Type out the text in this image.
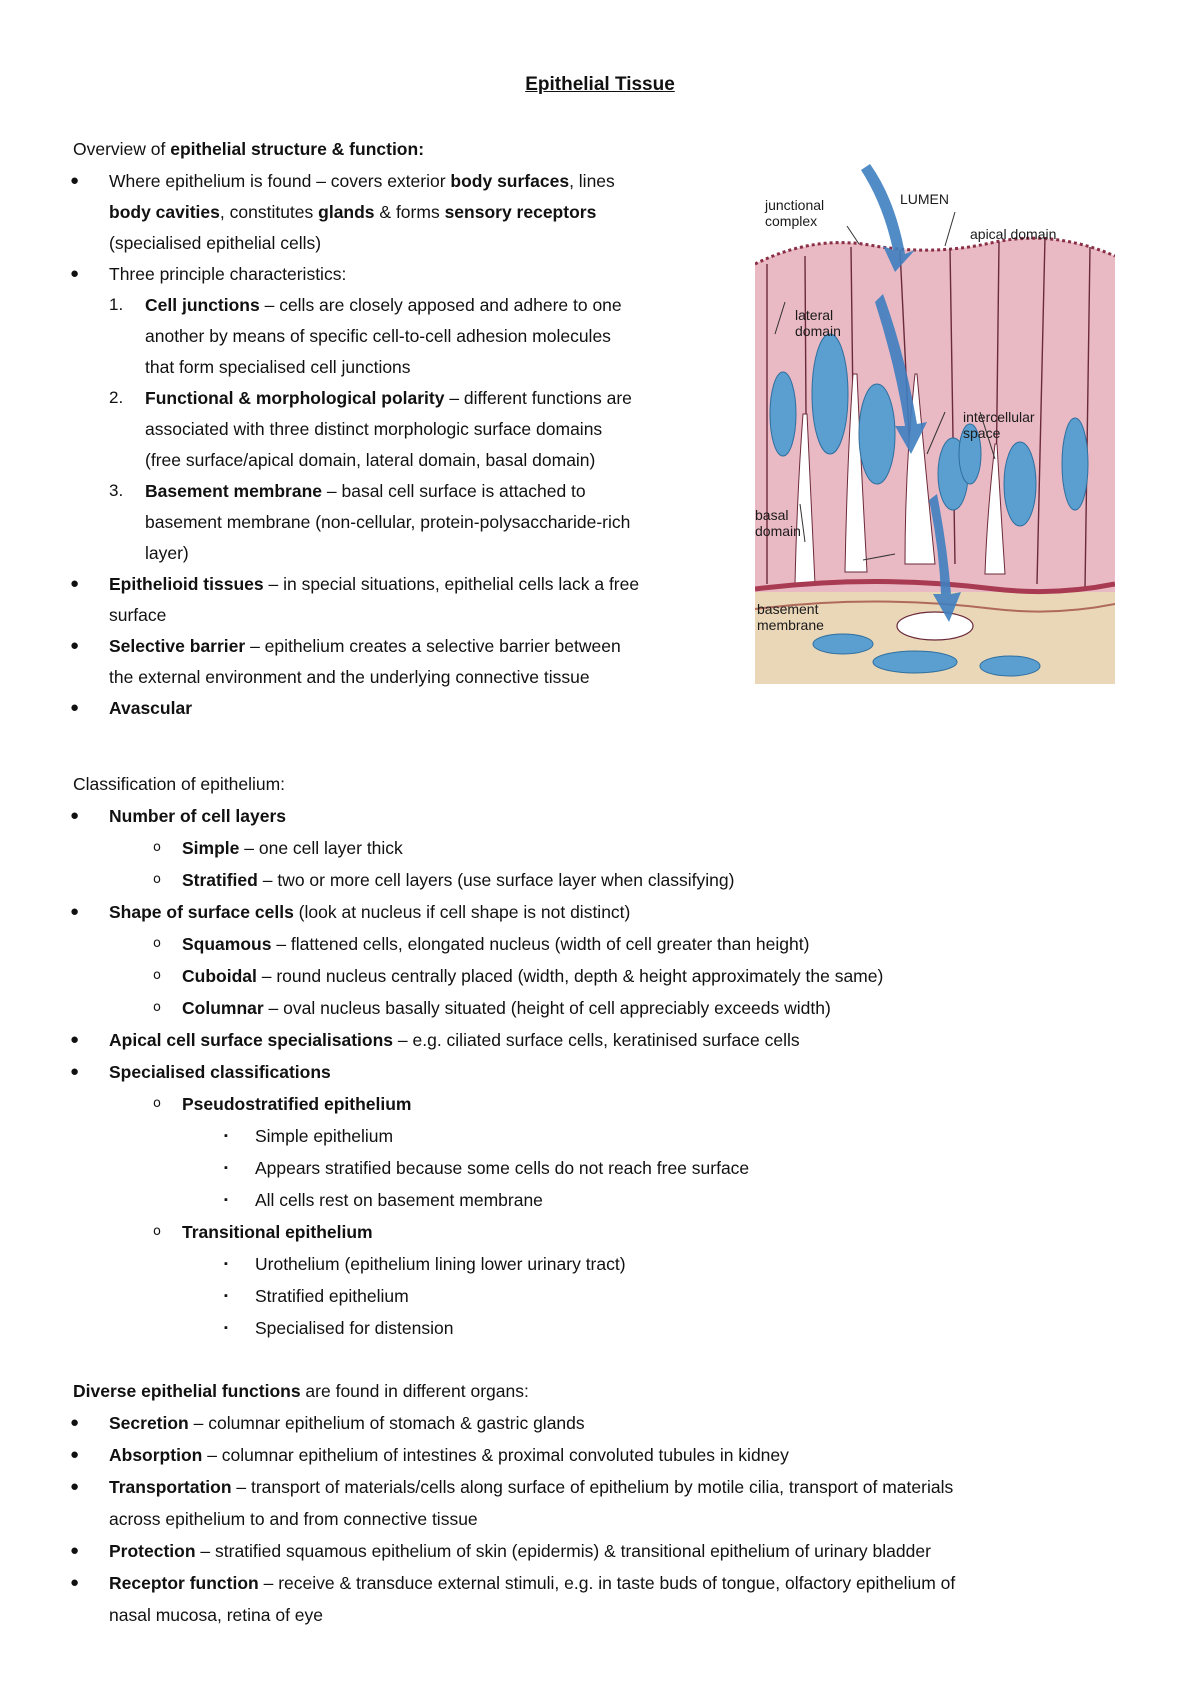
Epithelial Tissue
Overview of epithelial structure & function:
● Where epithelium is found – covers exterior body surfaces, lines
body cavities, constitutes glands & forms sensory receptors
(specialised epithelial cells)
● Three principle characteristics:
1. Cell junctions – cells are closely apposed and adhere to one
another by means of specific cell-to-cell adhesion molecules
that form specialised cell junctions
2. Functional & morphological polarity – different functions are
associated with three distinct morphologic surface domains
(free surface/apical domain, lateral domain, basal domain)
3. Basement membrane – basal cell surface is attached to
basement membrane (non-cellular, protein-polysaccharide-rich
layer)
● Epithelioid tissues – in special situations, epithelial cells lack a free
surface
● Selective barrier – epithelium creates a selective barrier between
the external environment and the underlying connective tissue
● Avascular
LUMEN
junctional
complex
apical domain
lateral
domain
intercellular
space
basal
domain
basement
membrane
Classification of epithelium:
● Number of cell layers
o Simple – one cell layer thick
o Stratified – two or more cell layers (use surface layer when classifying)
● Shape of surface cells (look at nucleus if cell shape is not distinct)
o Squamous – flattened cells, elongated nucleus (width of cell greater than height)
o Cuboidal – round nucleus centrally placed (width, depth & height approximately the same)
o Columnar – oval nucleus basally situated (height of cell appreciably exceeds width)
● Apical cell surface specialisations – e.g. ciliated surface cells, keratinised surface cells
● Specialised classifications
o Pseudostratified epithelium
▪ Simple epithelium
▪ Appears stratified because some cells do not reach free surface
▪ All cells rest on basement membrane
o Transitional epithelium
▪ Urothelium (epithelium lining lower urinary tract)
▪ Stratified epithelium
▪ Specialised for distension
Diverse epithelial functions are found in different organs:
● Secretion – columnar epithelium of stomach & gastric glands
● Absorption – columnar epithelium of intestines & proximal convoluted tubules in kidney
● Transportation – transport of materials/cells along surface of epithelium by motile cilia, transport of materials
across epithelium to and from connective tissue
● Protection – stratified squamous epithelium of skin (epidermis) & transitional epithelium of urinary bladder
● Receptor function – receive & transduce external stimuli, e.g. in taste buds of tongue, olfactory epithelium of
nasal mucosa, retina of eye
